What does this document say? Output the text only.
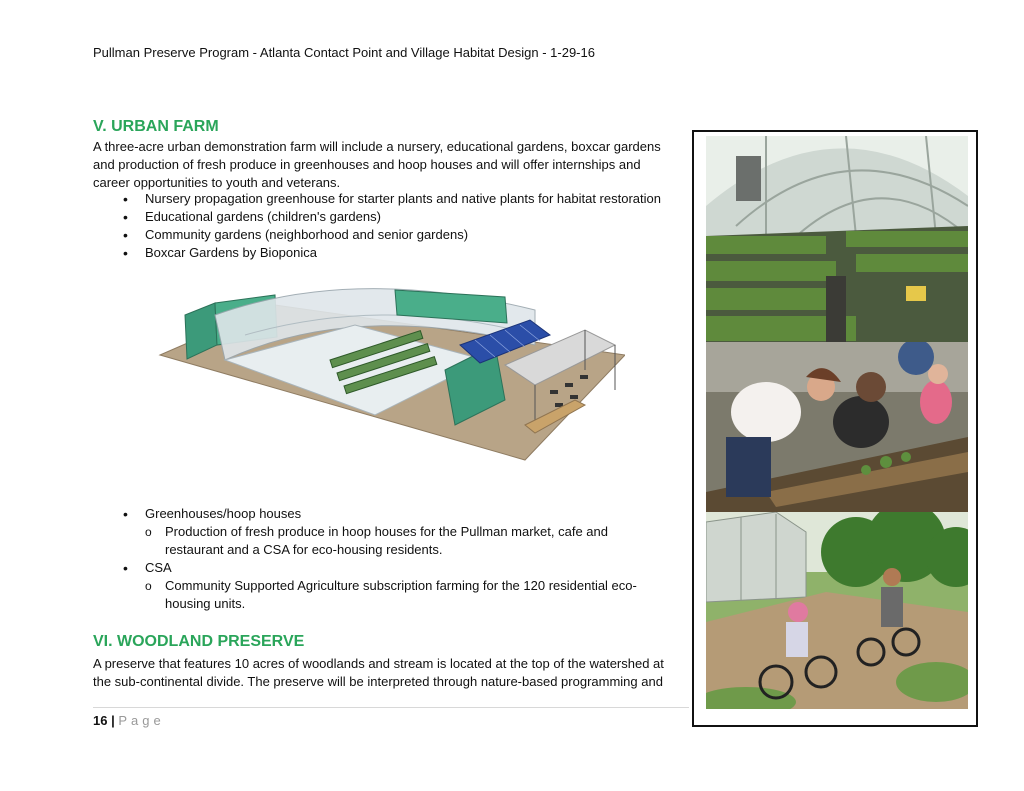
Pullman Preserve Program - Atlanta Contact Point and Village Habitat Design - 1-29-16
V. URBAN FARM

A three-acre urban demonstration farm will include a nursery, educational gardens, boxcar gardens and production of fresh produce in greenhouses and hoop houses and will offer internships and career opportunities to youth and veterans.

• Nursery propagation greenhouse for starter plants and native plants for habitat restoration
• Educational gardens (children's gardens)
• Community gardens (neighborhood and senior gardens)
• Boxcar Gardens by Bioponica
• Greenhouses/hoop houses
o Production of fresh produce in hoop houses for the Pullman market, cafe and restaurant and a CSA for eco-housing residents.
• CSA
o Community Supported Agriculture subscription farming for the 120 residential eco-housing units.
VI. WOODLAND PRESERVE

A preserve that features 10 acres of woodlands and stream is located at the top of the watershed at the sub-continental divide. The preserve will be interpreted through nature-based programming and

16 | Page
